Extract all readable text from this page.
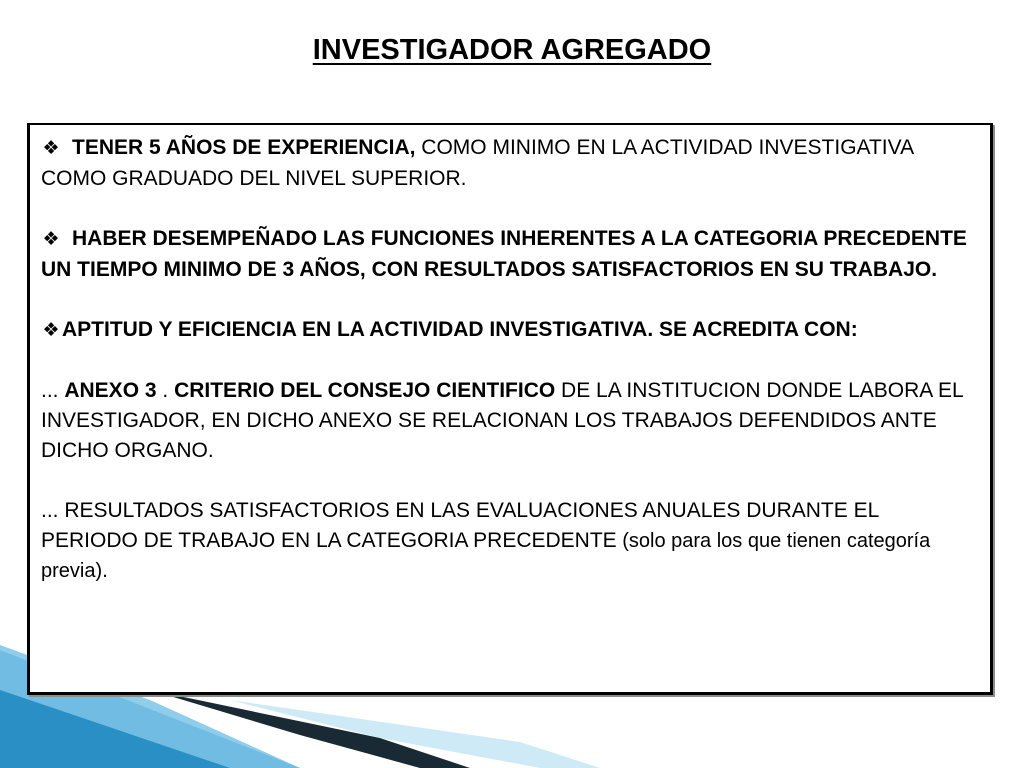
INVESTIGADOR AGREGADO

❖ TENER 5 AÑOS DE EXPERIENCIA, COMO MINIMO EN LA ACTIVIDAD INVESTIGATIVA COMO GRADUADO DEL NIVEL SUPERIOR.

❖ HABER DESEMPEÑADO LAS FUNCIONES INHERENTES A LA CATEGORIA PRECEDENTE UN TIEMPO MINIMO DE 3 AÑOS, CON RESULTADOS SATISFACTORIOS EN SU TRABAJO.

❖ APTITUD Y EFICIENCIA EN LA ACTIVIDAD INVESTIGATIVA. SE ACREDITA CON:

... ANEXO 3 . CRITERIO DEL CONSEJO CIENTIFICO DE LA INSTITUCION DONDE LABORA EL INVESTIGADOR, EN DICHO ANEXO SE RELACIONAN LOS TRABAJOS DEFENDIDOS ANTE DICHO ORGANO.

... RESULTADOS SATISFACTORIOS EN LAS EVALUACIONES ANUALES DURANTE EL PERIODO DE TRABAJO EN LA CATEGORIA PRECEDENTE (solo para los que tienen categoría previa).
